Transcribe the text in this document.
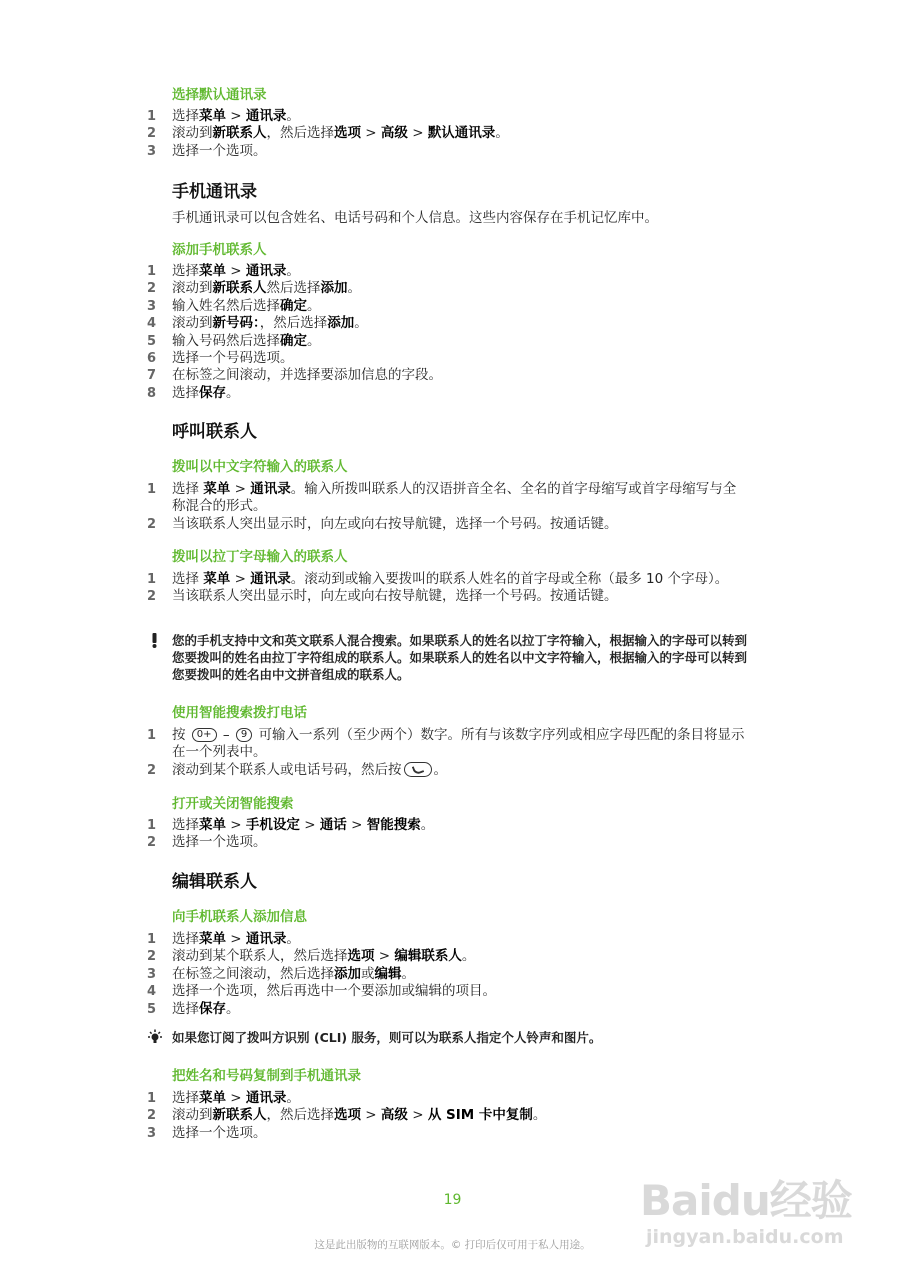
选择默认通讯录
1	选择菜单 > 通讯录。
2	滚动到新联系人，然后选择选项 > 高级 > 默认通讯录。
3	选择一个选项。
手机通讯录
手机通讯录可以包含姓名、电话号码和个人信息。这些内容保存在手机记忆库中。
添加手机联系人
1	选择菜单 > 通讯录。
2	滚动到新联系人然后选择添加。
3	输入姓名然后选择确定。
4	滚动到新号码：，然后选择添加。
5	输入号码然后选择确定。
6	选择一个号码选项。
7	在标签之间滚动，并选择要添加信息的字段。
8	选择保存。
呼叫联系人
拨叫以中文字符输入的联系人
1	选择 菜单 > 通讯录。输入所拨叫联系人的汉语拼音全名、全名的首字母缩写或首字母缩写与全称混合的形式。
2	当该联系人突出显示时，向左或向右按导航键，选择一个号码。按通话键。
拨叫以拉丁字母输入的联系人
1	选择 菜单 > 通讯录。滚动到或输入要拨叫的联系人姓名的首字母或全称（最多 10 个字母）。
2	当该联系人突出显示时，向左或向右按导航键，选择一个号码。按通话键。
您的手机支持中文和英文联系人混合搜索。如果联系人的姓名以拉丁字符输入，根据输入的字母可以转到您要拨叫的姓名由拉丁字符组成的联系人。如果联系人的姓名以中文字符输入，根据输入的字母可以转到您要拨叫的姓名由中文拼音组成的联系人。
使用智能搜索拨打电话
1	按 0+ – 9 可输入一系列（至少两个）数字。所有与该数字序列或相应字母匹配的条目将显示在一个列表中。
2	滚动到某个联系人或电话号码，然后按 。
打开或关闭智能搜索
1	选择菜单 > 手机设定 > 通话 > 智能搜索。
2	选择一个选项。
编辑联系人
向手机联系人添加信息
1	选择菜单 > 通讯录。
2	滚动到某个联系人，然后选择选项 > 编辑联系人。
3	在标签之间滚动，然后选择添加或编辑。
4	选择一个选项，然后再选中一个要添加或编辑的项目。
5	选择保存。
如果您订阅了拨叫方识别 (CLI) 服务，则可以为联系人指定个人铃声和图片。
把姓名和号码复制到手机通讯录
1	选择菜单 > 通讯录。
2	滚动到新联系人，然后选择选项 > 高级 > 从 SIM 卡中复制。
3	选择一个选项。
19
这是此出版物的互联网版本。© 打印后仅可用于私人用途。
Baidu经验
jingyan.baidu.com
